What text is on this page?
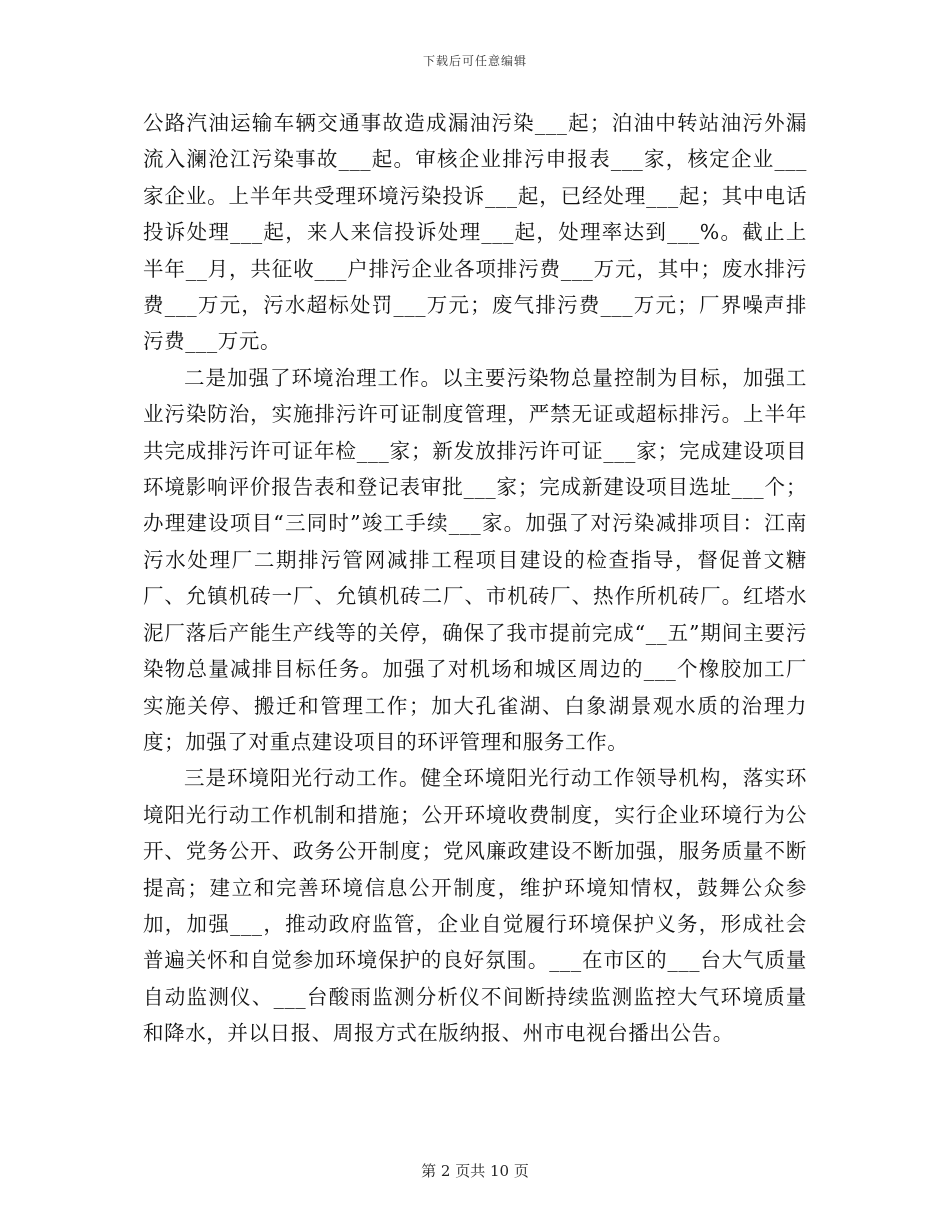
下载后可任意编辑

公路汽油运输车辆交通事故造成漏油污染___起；泊油中转站油污外漏流入澜沧江污染事故___起。审核企业排污申报表___家，核定企业___家企业。上半年共受理环境污染投诉___起，已经处理___起；其中电话投诉处理___起，来人来信投诉处理___起，处理率达到___%。截止上半年__月，共征收___户排污企业各项排污费___万元，其中；废水排污费___万元，污水超标处罚___万元；废气排污费___万元；厂界噪声排污费___万元。

二是加强了环境治理工作。以主要污染物总量控制为目标，加强工业污染防治，实施排污许可证制度管理，严禁无证或超标排污。上半年共完成排污许可证年检___家；新发放排污许可证___家；完成建设项目环境影响评价报告表和登记表审批___家；完成新建设项目选址___个；办理建设项目“三同时”竣工手续___家。加强了对污染减排项目：江南污水处理厂二期排污管网减排工程项目建设的检查指导，督促普文糖厂、允镇机砖一厂、允镇机砖二厂、市机砖厂、热作所机砖厂。红塔水泥厂落后产能生产线等的关停，确保了我市提前完成“__五”期间主要污染物总量减排目标任务。加强了对机场和城区周边的___个橡胶加工厂实施关停、搬迁和管理工作；加大孔雀湖、白象湖景观水质的治理力度；加强了对重点建设项目的环评管理和服务工作。

三是环境阳光行动工作。健全环境阳光行动工作领导机构，落实环境阳光行动工作机制和措施；公开环境收费制度，实行企业环境行为公开、党务公开、政务公开制度；党风廉政建设不断加强，服务质量不断提高；建立和完善环境信息公开制度，维护环境知情权，鼓舞公众参加，加强___，推动政府监管，企业自觉履行环境保护义务，形成社会普遍关怀和自觉参加环境保护的良好氛围。___在市区的___台大气质量自动监测仪、___台酸雨监测分析仪不间断持续监测监控大气环境质量和降水，并以日报、周报方式在版纳报、州市电视台播出公告。

第 2 页共 10 页
